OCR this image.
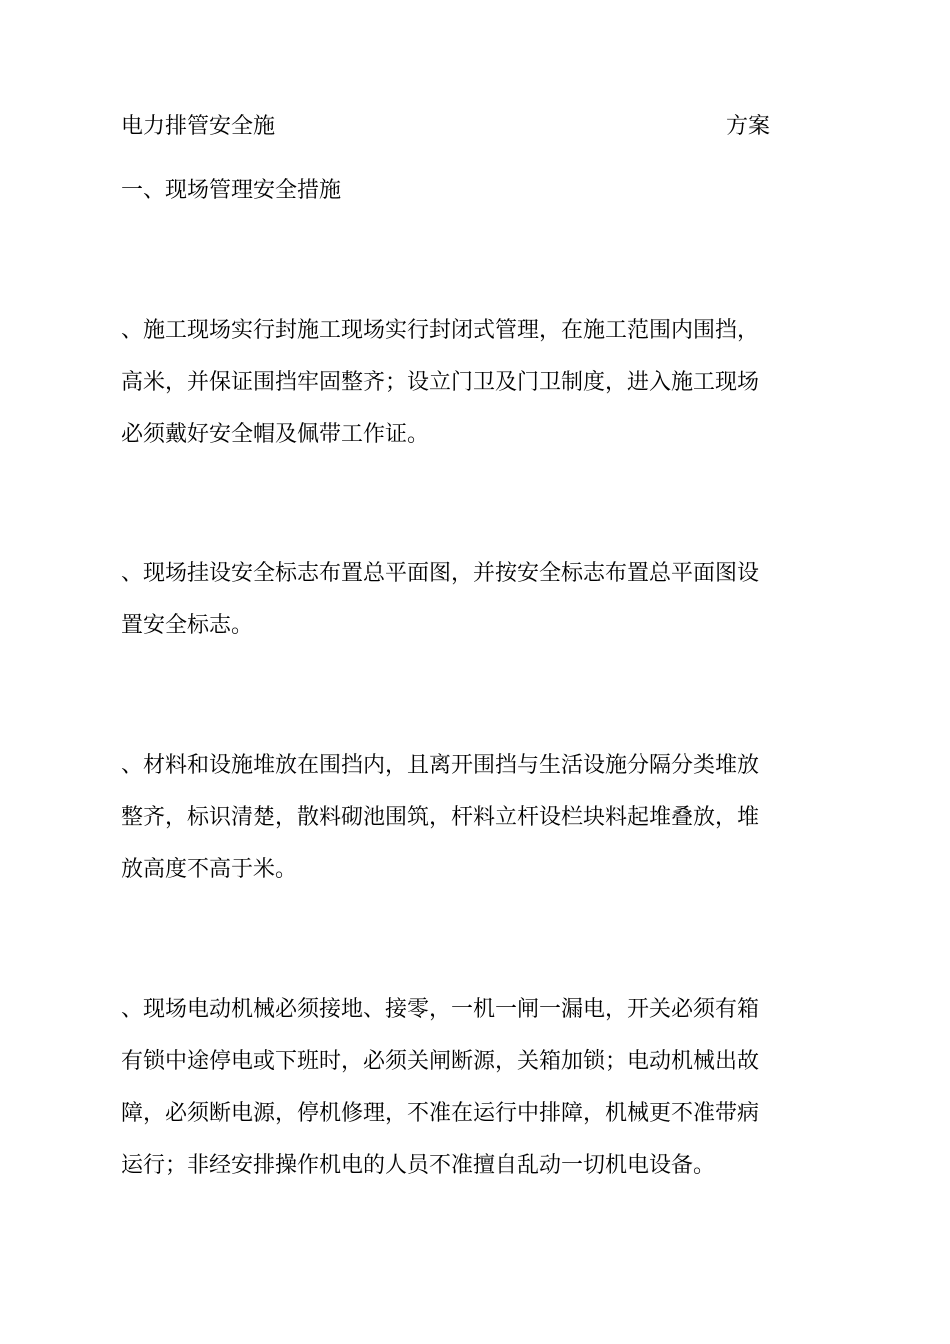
电力排管安全施	方案
一、现场管理安全措施
、施工现场实行封施工现场实行封闭式管理，在施工范围内围挡，
高米，并保证围挡牢固整齐；设立门卫及门卫制度，进入施工现场
必须戴好安全帽及佩带工作证。
、现场挂设安全标志布置总平面图，并按安全标志布置总平面图设
置安全标志。
、材料和设施堆放在围挡内，且离开围挡与生活设施分隔分类堆放
整齐，标识清楚，散料砌池围筑，杆料立杆设栏块料起堆叠放，堆
放高度不高于米。
、现场电动机械必须接地、接零，一机一闸一漏电，开关必须有箱
有锁中途停电或下班时，必须关闸断源，关箱加锁；电动机械出故
障，必须断电源，停机修理，不准在运行中排障，机械更不准带病
运行；非经安排操作机电的人员不准擅自乱动一切机电设备。
